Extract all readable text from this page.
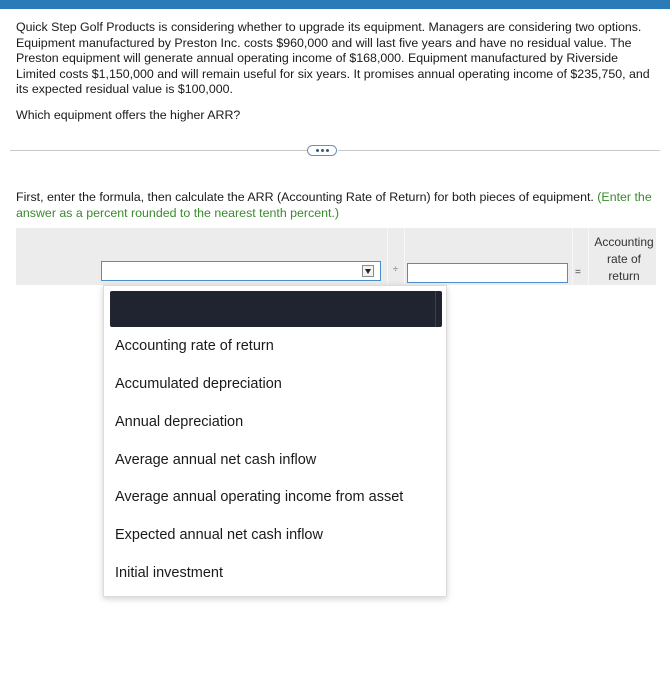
Quick Step Golf Products is considering whether to upgrade its equipment. Managers are considering two options. Equipment manufactured by Preston Inc. costs $960,000 and will last five years and have no residual value. The Preston equipment will generate annual operating income of $168,000. Equipment manufactured by Riverside Limited costs $1,150,000 and will remain useful for six years. It promises annual operating income of $235,750, and its expected residual value is $100,000.
Which equipment offers the higher ARR?
First, enter the formula, then calculate the ARR (Accounting Rate of Return) for both pieces of equipment. (Enter the answer as a percent rounded to the nearest tenth percent.)
÷	=
Accounting rate of return
Accounting rate of return
Accumulated depreciation
Annual depreciation
Average annual net cash inflow
Average annual operating income from asset
Expected annual net cash inflow
Initial investment
